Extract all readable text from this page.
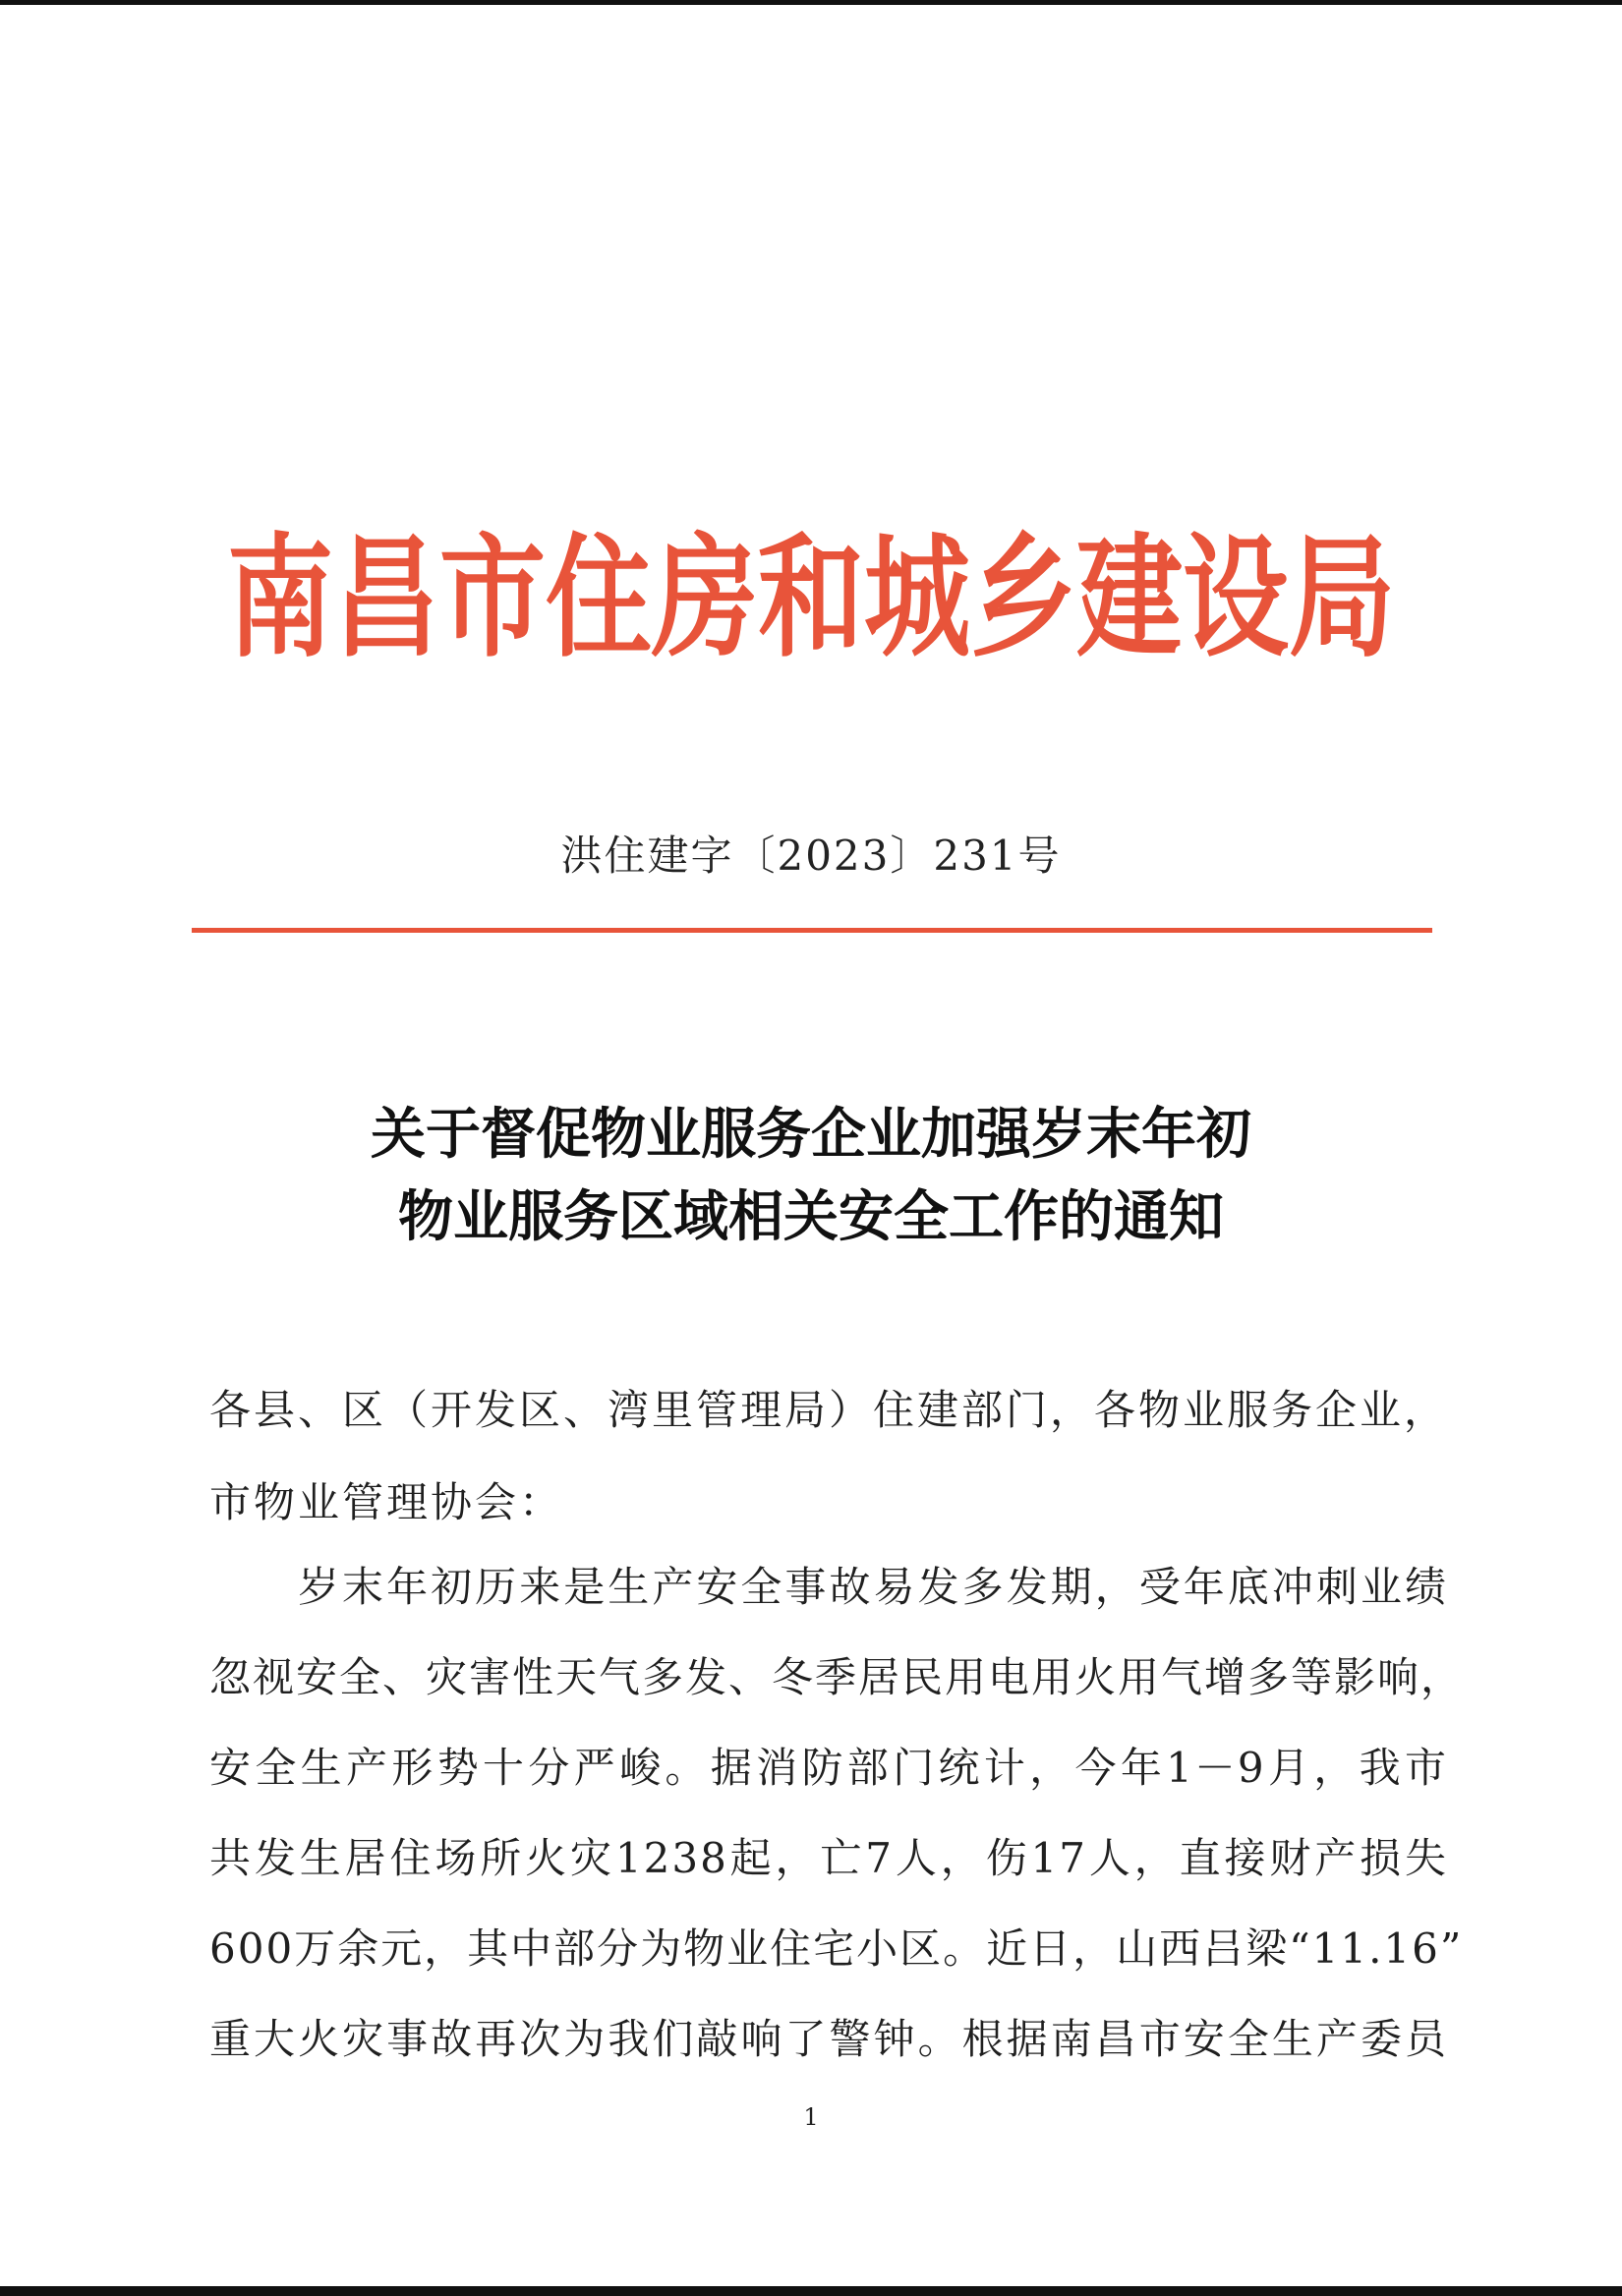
南昌市住房和城乡建设局
洪住建字〔2023〕231号
关于督促物业服务企业加强岁末年初
物业服务区域相关安全工作的通知
各县、区（开发区、湾里管理局）住建部门，各物业服务企业，
市物业管理协会：
岁末年初历来是生产安全事故易发多发期，受年底冲刺业绩
忽视安全、灾害性天气多发、冬季居民用电用火用气增多等影响，
安全生产形势十分严峻。据消防部门统计，今年1－9月，我市
共发生居住场所火灾1238起，亡7人，伤17人，直接财产损失
600万余元，其中部分为物业住宅小区。近日，山西吕梁“11.16”
重大火灾事故再次为我们敲响了警钟。根据南昌市安全生产委员
1
